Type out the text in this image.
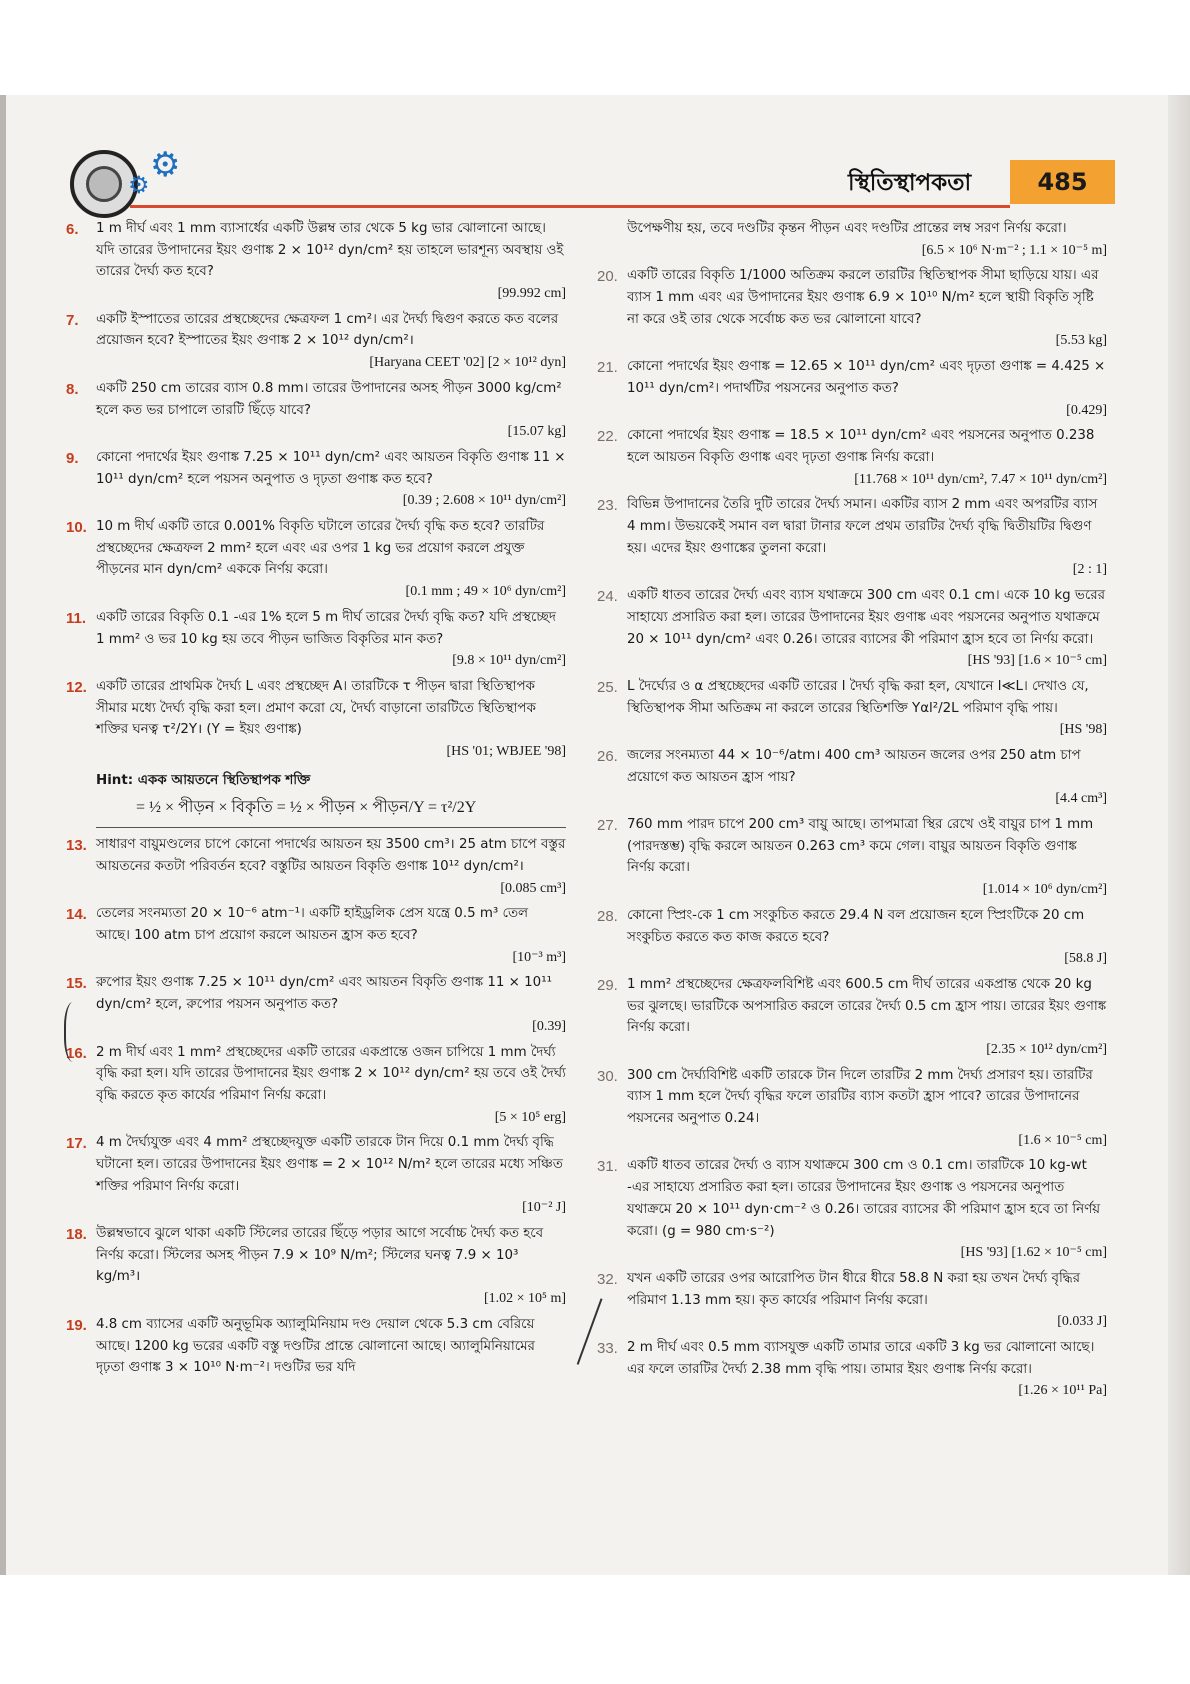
⚙ ⚙	স্থিতিস্থাপকতা	485
6. 1 m দীর্ঘ এবং 1 mm ব্যাসার্ধের একটি উল্লম্ব তার থেকে 5 kg ভার ঝোলানো আছে। যদি তারের উপাদানের ইয়ং গুণাঙ্ক 2 × 10¹² dyn/cm² হয় তাহলে ভারশূন্য অবস্থায় ওই তারের দৈর্ঘ্য কত হবে?
[99.992 cm]
7. একটি ইস্পাতের তারের প্রস্থচ্ছেদের ক্ষেত্রফল 1 cm²। এর দৈর্ঘ্য দ্বিগুণ করতে কত বলের প্রয়োজন হবে? ইস্পাতের ইয়ং গুণাঙ্ক 2 × 10¹² dyn/cm²।
[Haryana CEET '02] [2 × 10¹² dyn]
8. একটি 250 cm তারের ব্যাস 0.8 mm। তারের উপাদানের অসহ পীড়ন 3000 kg/cm² হলে কত ভর চাপালে তারটি ছিঁড়ে যাবে?
[15.07 kg]
9. কোনো পদার্থের ইয়ং গুণাঙ্ক 7.25 × 10¹¹ dyn/cm² এবং আয়তন বিকৃতি গুণাঙ্ক 11 × 10¹¹ dyn/cm² হলে পয়সন অনুপাত ও দৃঢ়তা গুণাঙ্ক কত হবে?
[0.39 ; 2.608 × 10¹¹ dyn/cm²]
10. 10 m দীর্ঘ একটি তারে 0.001% বিকৃতি ঘটালে তারের দৈর্ঘ্য বৃদ্ধি কত হবে? তারটির প্রস্থচ্ছেদের ক্ষেত্রফল 2 mm² হলে এবং এর ওপর 1 kg ভর প্রয়োগ করলে প্রযুক্ত পীড়নের মান dyn/cm² এককে নির্ণয় করো।
[0.1 mm ; 49 × 10⁶ dyn/cm²]
11. একটি তারের বিকৃতি 0.1 -এর 1% হলে 5 m দীর্ঘ তারের দৈর্ঘ্য বৃদ্ধি কত? যদি প্রস্থচ্ছেদ 1 mm² ও ভর 10 kg হয় তবে পীড়ন ভাজিত বিকৃতির মান কত?
[9.8 × 10¹¹ dyn/cm²]
12. একটি তারের প্রাথমিক দৈর্ঘ্য L এবং প্রস্থচ্ছেদ A। তারটিকে τ পীড়ন দ্বারা স্থিতিস্থাপক সীমার মধ্যে দৈর্ঘ্য বৃদ্ধি করা হল। প্রমাণ করো যে, দৈর্ঘ্য বাড়ানো তারটিতে স্থিতিস্থাপক শক্তির ঘনত্ব τ²/2Y। (Y = ইয়ং গুণাঙ্ক)
[HS '01; WBJEE '98]
Hint: একক আয়তনে স্থিতিস্থাপক শক্তি
= ½ × পীড়ন × বিকৃতি = ½ × পীড়ন × পীড়ন/Y = τ²/2Y
13. সাধারণ বায়ুমণ্ডলের চাপে কোনো পদার্থের আয়তন হয় 3500 cm³। 25 atm চাপে বস্তুর আয়তনের কতটা পরিবর্তন হবে? বস্তুটির আয়তন বিকৃতি গুণাঙ্ক 10¹² dyn/cm²।
[0.085 cm³]
14. তেলের সংনম্যতা 20 × 10⁻⁶ atm⁻¹। একটি হাইড্রলিক প্রেস যন্ত্রে 0.5 m³ তেল আছে। 100 atm চাপ প্রয়োগ করলে আয়তন হ্রাস কত হবে?
[10⁻³ m³]
15. রুপোর ইয়ং গুণাঙ্ক 7.25 × 10¹¹ dyn/cm² এবং আয়তন বিকৃতি গুণাঙ্ক 11 × 10¹¹ dyn/cm² হলে, রুপোর পয়সন অনুপাত কত?
[0.39]
16. 2 m দীর্ঘ এবং 1 mm² প্রস্থচ্ছেদের একটি তারের একপ্রান্তে ওজন চাপিয়ে 1 mm দৈর্ঘ্য বৃদ্ধি করা হল। যদি তারের উপাদানের ইয়ং গুণাঙ্ক 2 × 10¹² dyn/cm² হয় তবে ওই দৈর্ঘ্য বৃদ্ধি করতে কৃত কার্যের পরিমাণ নির্ণয় করো।
[5 × 10⁵ erg]
17. 4 m দৈর্ঘ্যযুক্ত এবং 4 mm² প্রস্থচ্ছেদযুক্ত একটি তারকে টান দিয়ে 0.1 mm দৈর্ঘ্য বৃদ্ধি ঘটানো হল। তারের উপাদানের ইয়ং গুণাঙ্ক = 2 × 10¹² N/m² হলে তারের মধ্যে সঞ্চিত শক্তির পরিমাণ নির্ণয় করো।
[10⁻² J]
18. উল্লম্বভাবে ঝুলে থাকা একটি স্টিলের তারের ছিঁড়ে পড়ার আগে সর্বোচ্চ দৈর্ঘ্য কত হবে নির্ণয় করো। স্টিলের অসহ পীড়ন 7.9 × 10⁹ N/m²; স্টিলের ঘনত্ব 7.9 × 10³ kg/m³।
[1.02 × 10⁵ m]
19. 4.8 cm ব্যাসের একটি অনুভূমিক অ্যালুমিনিয়াম দণ্ড দেয়াল থেকে 5.3 cm বেরিয়ে আছে। 1200 kg ভরের একটি বস্তু দণ্ডটির প্রান্তে ঝোলানো আছে। অ্যালুমিনিয়ামের দৃঢ়তা গুণাঙ্ক 3 × 10¹⁰ N·m⁻²। দণ্ডটির ভর যদি
উপেক্ষণীয় হয়, তবে দণ্ডটির কৃন্তন পীড়ন এবং দণ্ডটির প্রান্তের লম্ব সরণ নির্ণয় করো।
[6.5 × 10⁶ N·m⁻² ; 1.1 × 10⁻⁵ m]
20. একটি তারের বিকৃতি 1/1000 অতিক্রম করলে তারটির স্থিতিস্থাপক সীমা ছাড়িয়ে যায়। এর ব্যাস 1 mm এবং এর উপাদানের ইয়ং গুণাঙ্ক 6.9 × 10¹⁰ N/m² হলে স্থায়ী বিকৃতি সৃষ্টি না করে ওই তার থেকে সর্বোচ্চ কত ভর ঝোলানো যাবে?
[5.53 kg]
21. কোনো পদার্থের ইয়ং গুণাঙ্ক = 12.65 × 10¹¹ dyn/cm² এবং দৃঢ়তা গুণাঙ্ক = 4.425 × 10¹¹ dyn/cm²। পদার্থটির পয়সনের অনুপাত কত?
[0.429]
22. কোনো পদার্থের ইয়ং গুণাঙ্ক = 18.5 × 10¹¹ dyn/cm² এবং পয়সনের অনুপাত 0.238 হলে আয়তন বিকৃতি গুণাঙ্ক এবং দৃঢ়তা গুণাঙ্ক নির্ণয় করো।
[11.768 × 10¹¹ dyn/cm², 7.47 × 10¹¹ dyn/cm²]
23. বিভিন্ন উপাদানের তৈরি দুটি তারের দৈর্ঘ্য সমান। একটির ব্যাস 2 mm এবং অপরটির ব্যাস 4 mm। উভয়কেই সমান বল দ্বারা টানার ফলে প্রথম তারটির দৈর্ঘ্য বৃদ্ধি দ্বিতীয়টির দ্বিগুণ হয়। এদের ইয়ং গুণাঙ্কের তুলনা করো।
[2 : 1]
24. একটি ধাতব তারের দৈর্ঘ্য এবং ব্যাস যথাক্রমে 300 cm এবং 0.1 cm। একে 10 kg ভরের সাহায্যে প্রসারিত করা হল। তারের উপাদানের ইয়ং গুণাঙ্ক এবং পয়সনের অনুপাত যথাক্রমে 20 × 10¹¹ dyn/cm² এবং 0.26। তারের ব্যাসের কী পরিমাণ হ্রাস হবে তা নির্ণয় করো।
[HS '93] [1.6 × 10⁻⁵ cm]
25. L দৈর্ঘ্যের ও α প্রস্থচ্ছেদের একটি তারের l দৈর্ঘ্য বৃদ্ধি করা হল, যেখানে l≪L। দেখাও যে, স্থিতিস্থাপক সীমা অতিক্রম না করলে তারের স্থিতিশক্তি Yαl²/2L পরিমাণ বৃদ্ধি পায়।
[HS '98]
26. জলের সংনম্যতা 44 × 10⁻⁶/atm। 400 cm³ আয়তন জলের ওপর 250 atm চাপ প্রয়োগে কত আয়তন হ্রাস পায়?
[4.4 cm³]
27. 760 mm পারদ চাপে 200 cm³ বায়ু আছে। তাপমাত্রা স্থির রেখে ওই বায়ুর চাপ 1 mm (পারদস্তম্ভ) বৃদ্ধি করলে আয়তন 0.263 cm³ কমে গেল। বায়ুর আয়তন বিকৃতি গুণাঙ্ক নির্ণয় করো।
[1.014 × 10⁶ dyn/cm²]
28. কোনো স্প্রিং-কে 1 cm সংকুচিত করতে 29.4 N বল প্রয়োজন হলে স্প্রিংটিকে 20 cm সংকুচিত করতে কত কাজ করতে হবে?
[58.8 J]
29. 1 mm² প্রস্থচ্ছেদের ক্ষেত্রফলবিশিষ্ট এবং 600.5 cm দীর্ঘ তারের একপ্রান্ত থেকে 20 kg ভর ঝুলছে। ভারটিকে অপসারিত করলে তারের দৈর্ঘ্য 0.5 cm হ্রাস পায়। তারের ইয়ং গুণাঙ্ক নির্ণয় করো।
[2.35 × 10¹² dyn/cm²]
30. 300 cm দৈর্ঘ্যবিশিষ্ট একটি তারকে টান দিলে তারটির 2 mm দৈর্ঘ্য প্রসারণ হয়। তারটির ব্যাস 1 mm হলে দৈর্ঘ্য বৃদ্ধির ফলে তারটির ব্যাস কতটা হ্রাস পাবে? তারের উপাদানের পয়সনের অনুপাত 0.24।
[1.6 × 10⁻⁵ cm]
31. একটি ধাতব তারের দৈর্ঘ্য ও ব্যাস যথাক্রমে 300 cm ও 0.1 cm। তারটিকে 10 kg-wt -এর সাহায্যে প্রসারিত করা হল। তারের উপাদানের ইয়ং গুণাঙ্ক ও পয়সনের অনুপাত যথাক্রমে 20 × 10¹¹ dyn·cm⁻² ও 0.26। তারের ব্যাসের কী পরিমাণ হ্রাস হবে তা নির্ণয় করো। (g = 980 cm·s⁻²)
[HS '93] [1.62 × 10⁻⁵ cm]
32. যখন একটি তারের ওপর আরোপিত টান ধীরে ধীরে 58.8 N করা হয় তখন দৈর্ঘ্য বৃদ্ধির পরিমাণ 1.13 mm হয়। কৃত কার্যের পরিমাণ নির্ণয় করো।
[0.033 J]
33. 2 m দীর্ঘ এবং 0.5 mm ব্যাসযুক্ত একটি তামার তারে একটি 3 kg ভর ঝোলানো আছে। এর ফলে তারটির দৈর্ঘ্য 2.38 mm বৃদ্ধি পায়। তামার ইয়ং গুণাঙ্ক নির্ণয় করো।
[1.26 × 10¹¹ Pa]
